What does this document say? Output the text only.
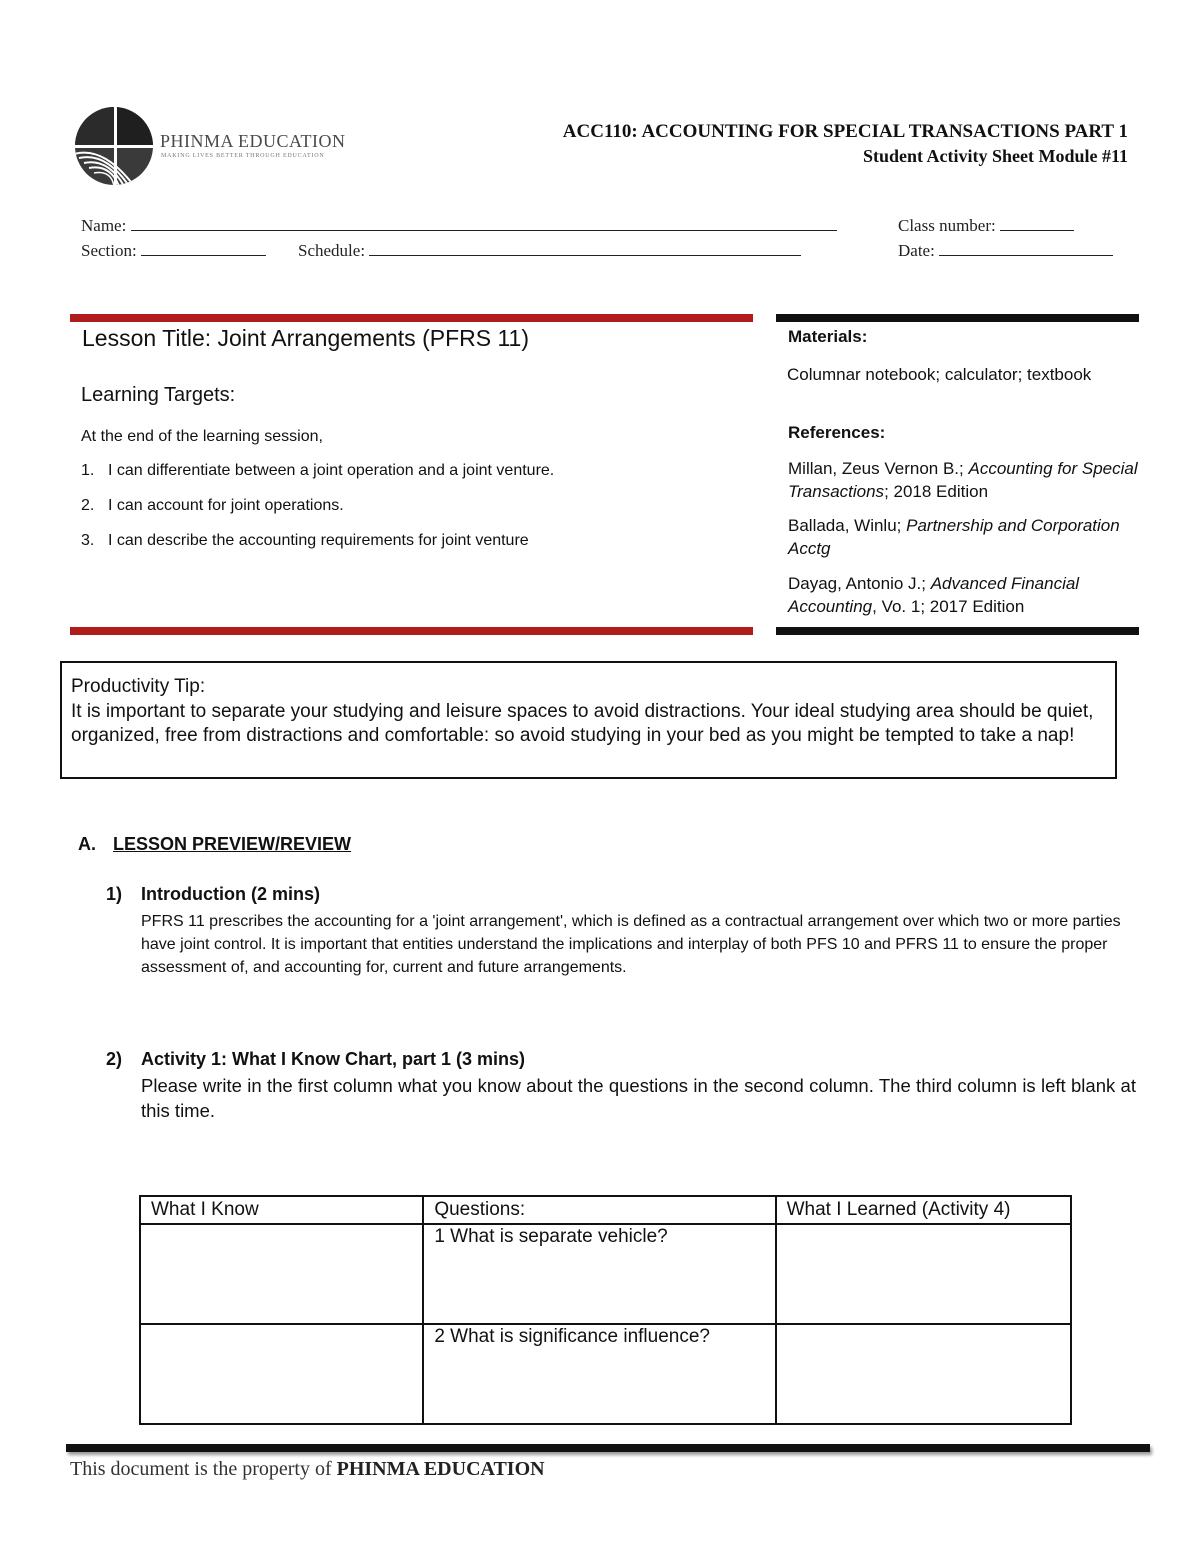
PHINMA EDUCATION
MAKING LIVES BETTER THROUGH EDUCATION
ACC110: ACCOUNTING FOR SPECIAL TRANSACTIONS PART 1
Student Activity Sheet Module #11
Name:	Class number:
Section:	Schedule:	Date:
Lesson Title: Joint Arrangements (PFRS 11)
Learning Targets:
At the end of the learning session,
1. I can differentiate between a joint operation and a joint venture.
2. I can account for joint operations.
3. I can describe the accounting requirements for joint venture
Materials:
Columnar notebook; calculator; textbook
References:
Millan, Zeus Vernon B.; Accounting for Special Transactions; 2018 Edition
Ballada, Winlu; Partnership and Corporation Acctg
Dayag, Antonio J.; Advanced Financial Accounting, Vo. 1; 2017 Edition
Productivity Tip:
It is important to separate your studying and leisure spaces to avoid distractions. Your ideal studying area should be quiet, organized, free from distractions and comfortable: so avoid studying in your bed as you might be tempted to take a nap!
A. LESSON PREVIEW/REVIEW
1) Introduction (2 mins)
PFRS 11 prescribes the accounting for a 'joint arrangement', which is defined as a contractual arrangement over which two or more parties have joint control. It is important that entities understand the implications and interplay of both PFS 10 and PFRS 11 to ensure the proper assessment of, and accounting for, current and future arrangements.
2) Activity 1: What I Know Chart, part 1 (3 mins)
Please write in the first column what you know about the questions in the second column. The third column is left blank at this time.
What I Know	Questions:	What I Learned (Activity 4)
	1 What is separate vehicle?	
	2 What is significance influence?	
This document is the property of PHINMA EDUCATION
